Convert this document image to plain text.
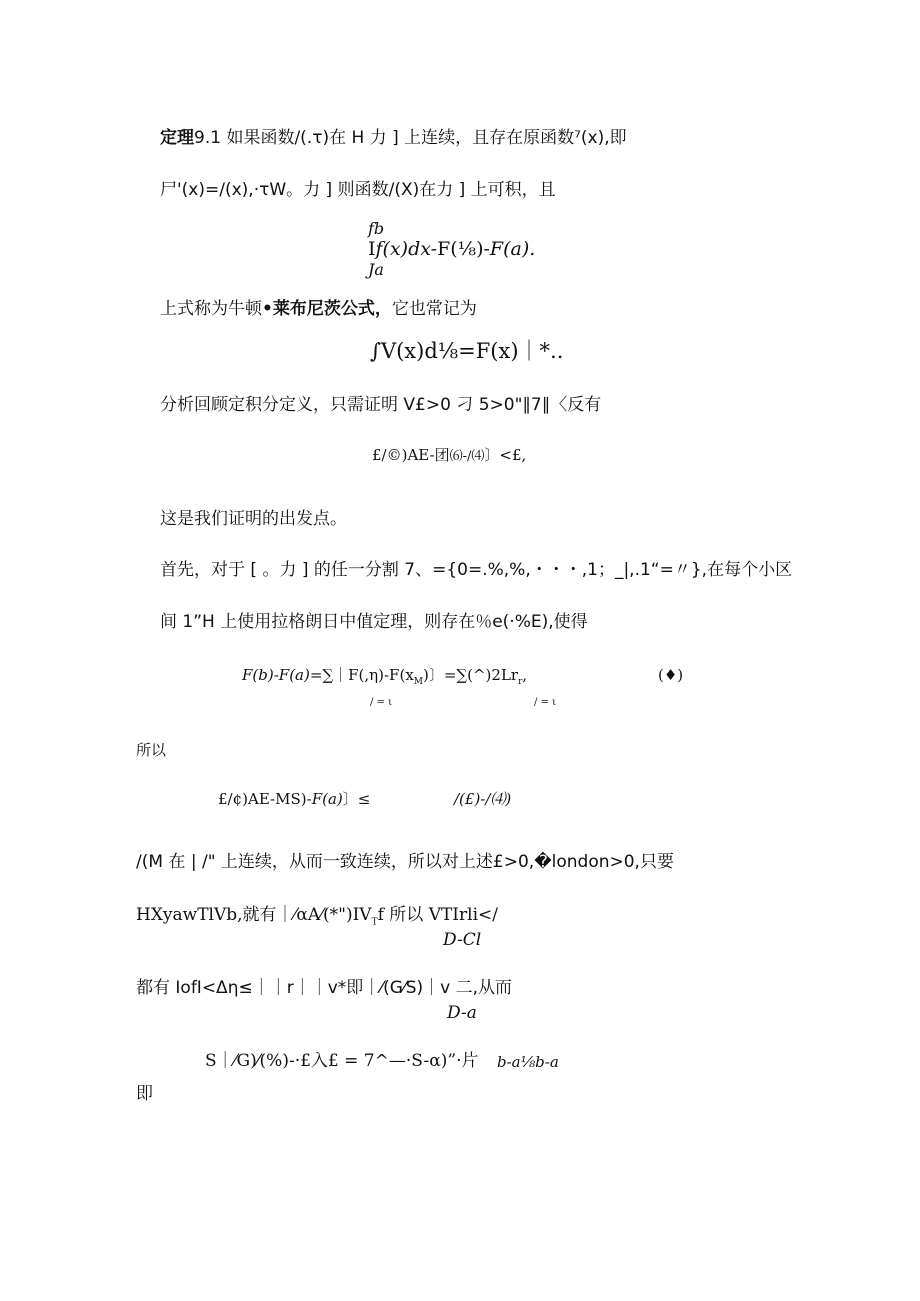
定理9.1 如果函数/(.τ)在 H 力 ] 上连续，且存在原函数⁷(x),即
尸'(x)=/(x),·τW。力 ] 则函数/(X)在力 ] 上可积，且
fb
If(x)dx-F(⅛)-F(a).
Ja
上式称为牛顿•莱布尼茨公式，它也常记为
∫V(x)d⅛=F(x)｜*..
分析回顾定积分定义，只需证明 V£>0 刁 5>0"∥7∥〈反有
£/©)AE-团⑹-/⑷〕<£,
这是我们证明的出发点。
首先，对于 [ 。力 ] 的任一分割 7、={0=.%,%,・・・,1；_|,.1“=〃},在每个小区
间 1”H 上使用拉格朗日中值定理，则存在％e(·%E),使得
$F(b)-F(a)=\sum|F(,\eta)-F(x_M)$〕$=\sum(\^{})2Lr_r$,
/ = ι	/ = ι
(♦)
所以
£/¢)AE-MS)-F(a)〕≤	/(£)-/⑷)
/(M 在 | /" 上连续，从而一致连续，所以对上述£>0,�london>0,只要
HXyawTlVb,就有$|⁄\alpha A⁄(*")IV_Tf$ 所以 VTIrli</
D-Cl
都有 IofI<Δη≤｜｜r｜｜v*即｜⁄(G⁄S)｜v 二,从而
D-a
S｜⁄G)⁄(%)-·£入£ = 7^—·S-α)”·片 b-a⅛b-a
即
